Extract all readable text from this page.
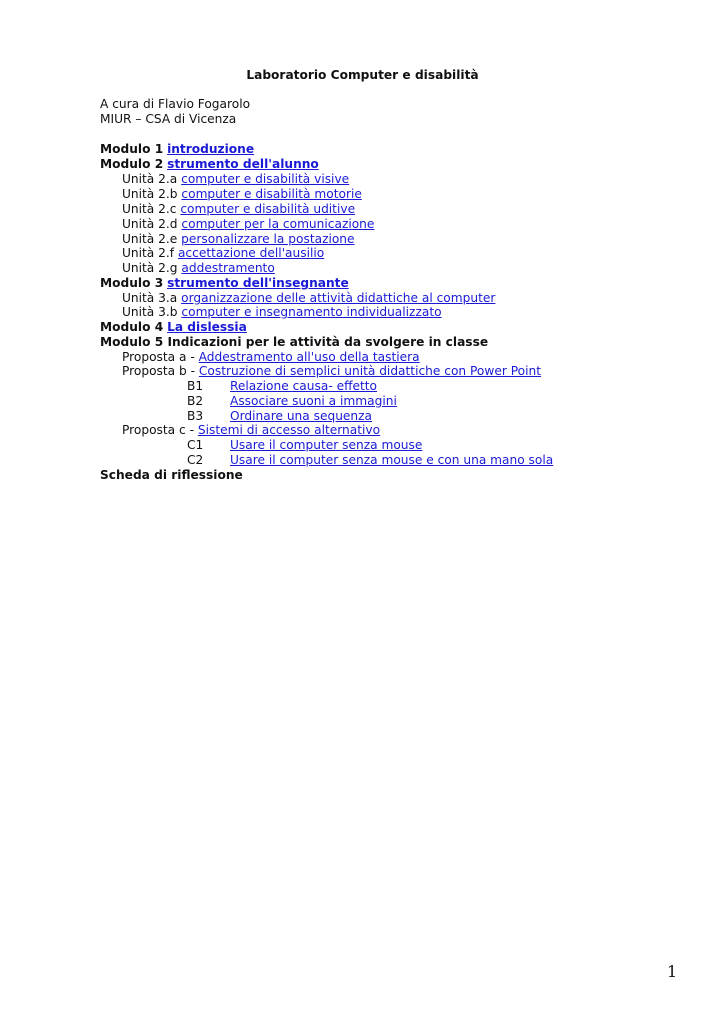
Laboratorio Computer e disabilità
A cura di Flavio Fogarolo
MIUR – CSA di Vicenza
Modulo 1 introduzione
Modulo 2 strumento dell'alunno
Unità 2.a computer e disabilità visive
Unità 2.b computer e disabilità motorie
Unità 2.c computer e disabilità uditive
Unità 2.d computer per la comunicazione
Unità 2.e personalizzare la postazione
Unità 2.f accettazione dell'ausilio
Unità 2.g addestramento
Modulo 3 strumento dell'insegnante
Unità 3.a organizzazione delle attività didattiche al computer
Unità 3.b computer e insegnamento individualizzato
Modulo 4 La dislessia
Modulo 5 Indicazioni per le attività da svolgere in classe
Proposta a - Addestramento all'uso della tastiera
Proposta b - Costruzione di semplici unità didattiche con Power Point
B1 Relazione causa- effetto
B2 Associare suoni a immagini
B3 Ordinare una sequenza
Proposta c - Sistemi di accesso alternativo
C1 Usare il computer senza mouse
C2 Usare il computer senza mouse e con una mano sola
Scheda di riflessione
1
